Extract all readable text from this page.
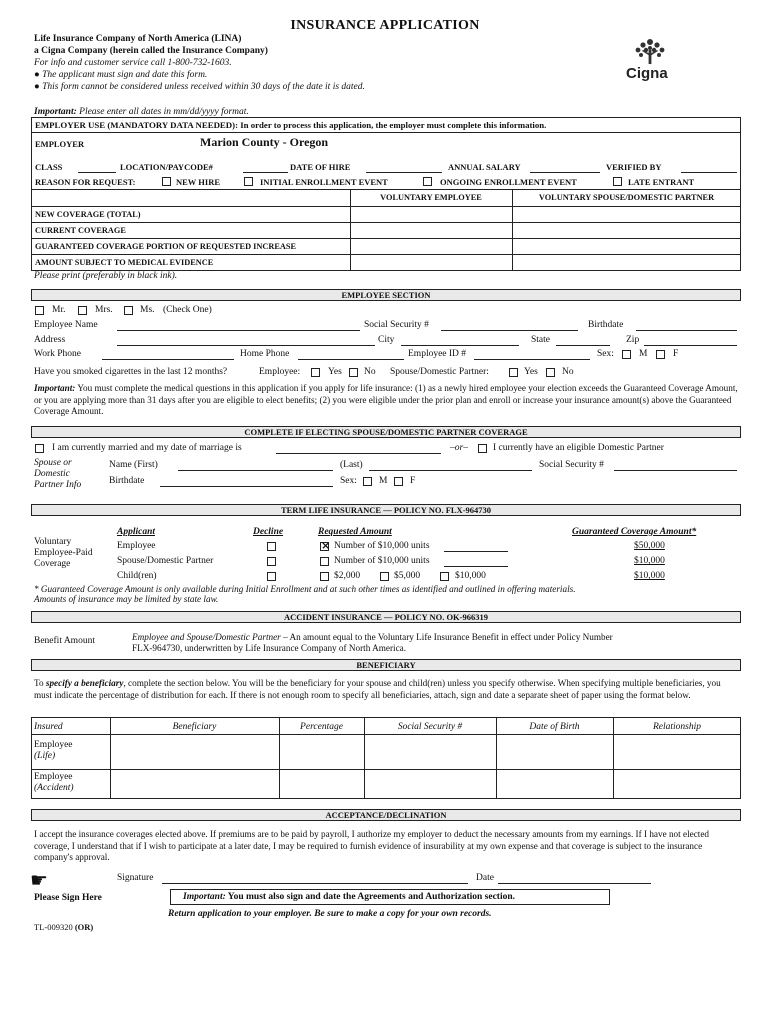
INSURANCE APPLICATION
Life Insurance Company of North America (LINA)
a Cigna Company (herein called the Insurance Company)
For info and customer service call 1-800-732-1603.
● The applicant must sign and date this form.
● This form cannot be considered unless received within 30 days of the date it is dated.
Important: Please enter all dates in mm/dd/yyyy format.
Cigna
EMPLOYER USE (MANDATORY DATA NEEDED): In order to process this application, the employer must complete this information.
EMPLOYER	Marion County - Oregon
CLASS	LOCATION/PAYCODE#	DATE OF HIRE	ANNUAL SALARY	VERIFIED BY
REASON FOR REQUEST:	NEW HIRE	INITIAL ENROLLMENT EVENT	ONGOING ENROLLMENT EVENT	LATE ENTRANT
VOLUNTARY EMPLOYEE	VOLUNTARY SPOUSE/DOMESTIC PARTNER
NEW COVERAGE (TOTAL)
CURRENT COVERAGE
GUARANTEED COVERAGE PORTION OF REQUESTED INCREASE
AMOUNT SUBJECT TO MEDICAL EVIDENCE
Please print (preferably in black ink).
EMPLOYEE SECTION
Mr.	Mrs.	Ms. (Check One)
Employee Name	Social Security #	Birthdate
Address	City	State	Zip
Work Phone	Home Phone	Employee ID #	Sex:	M	F
Have you smoked cigarettes in the last 12 months?	Employee:	Yes No Spouse/Domestic Partner:	Yes	No
Important: You must complete the medical questions in this application if you apply for life insurance: (1) as a newly hired employee your election exceeds the Guaranteed Coverage Amount, or you are applying more than 31 days after you are eligible to elect benefits; (2) you were eligible under the prior plan and enroll or increase your insurance amount(s) above the Guaranteed Coverage Amount.
COMPLETE IF ELECTING SPOUSE/DOMESTIC PARTNER COVERAGE
I am currently married and my date of marriage is	–or–	I currently have an eligible Domestic Partner
Spouse or
Domestic
Partner Info
Name (First)	(Last)	Social Security #
Birthdate	Sex: M F
TERM LIFE INSURANCE — POLICY NO. FLX-964730
Voluntary
Employee-Paid
Coverage
Applicant	Decline	Requested Amount	Guaranteed Coverage Amount*
Employee
×	Number of $10,000 units	$50,000
Spouse/Domestic Partner	Number of $10,000 units	$10,000
Child(ren)	$2,000	$5,000	$10,000	$10,000
* Guaranteed Coverage Amount is only available during Initial Enrollment and at such other times as identified and outlined in offering materials.
Amounts of insurance may be limited by state law.
ACCIDENT INSURANCE — POLICY NO. OK-966319
Benefit Amount	Employee and Spouse/Domestic Partner – An amount equal to the Voluntary Life Insurance Benefit in effect under Policy Number
FLX-964730, underwritten by Life Insurance Company of North America.
BENEFICIARY
To specify a beneficiary, complete the section below. You will be the beneficiary for your spouse and child(ren) unless you specify otherwise. When specifying multiple beneficiaries, you must indicate the percentage of distribution for each. If there is not enough room to specify all beneficiaries, attach, sign and date a separate sheet of paper using the format below.
Insured	Beneficiary	Percentage	Social Security #	Date of Birth	Relationship
Employee
(Life)
Employee
(Accident)
ACCEPTANCE/DECLINATION
I accept the insurance coverages elected above. If premiums are to be paid by payroll, I authorize my employer to deduct the necessary amounts from my earnings. If I have not elected coverage, I understand that if I wish to participate at a later date, I may be required to furnish evidence of insurability at my own expense and that coverage is subject to the insurance company's approval.
☛	Signature	Date
Please Sign Here	Important: You must also sign and date the Agreements and Authorization section.
Return application to your employer. Be sure to make a copy for your own records.
TL-009320 (OR)
